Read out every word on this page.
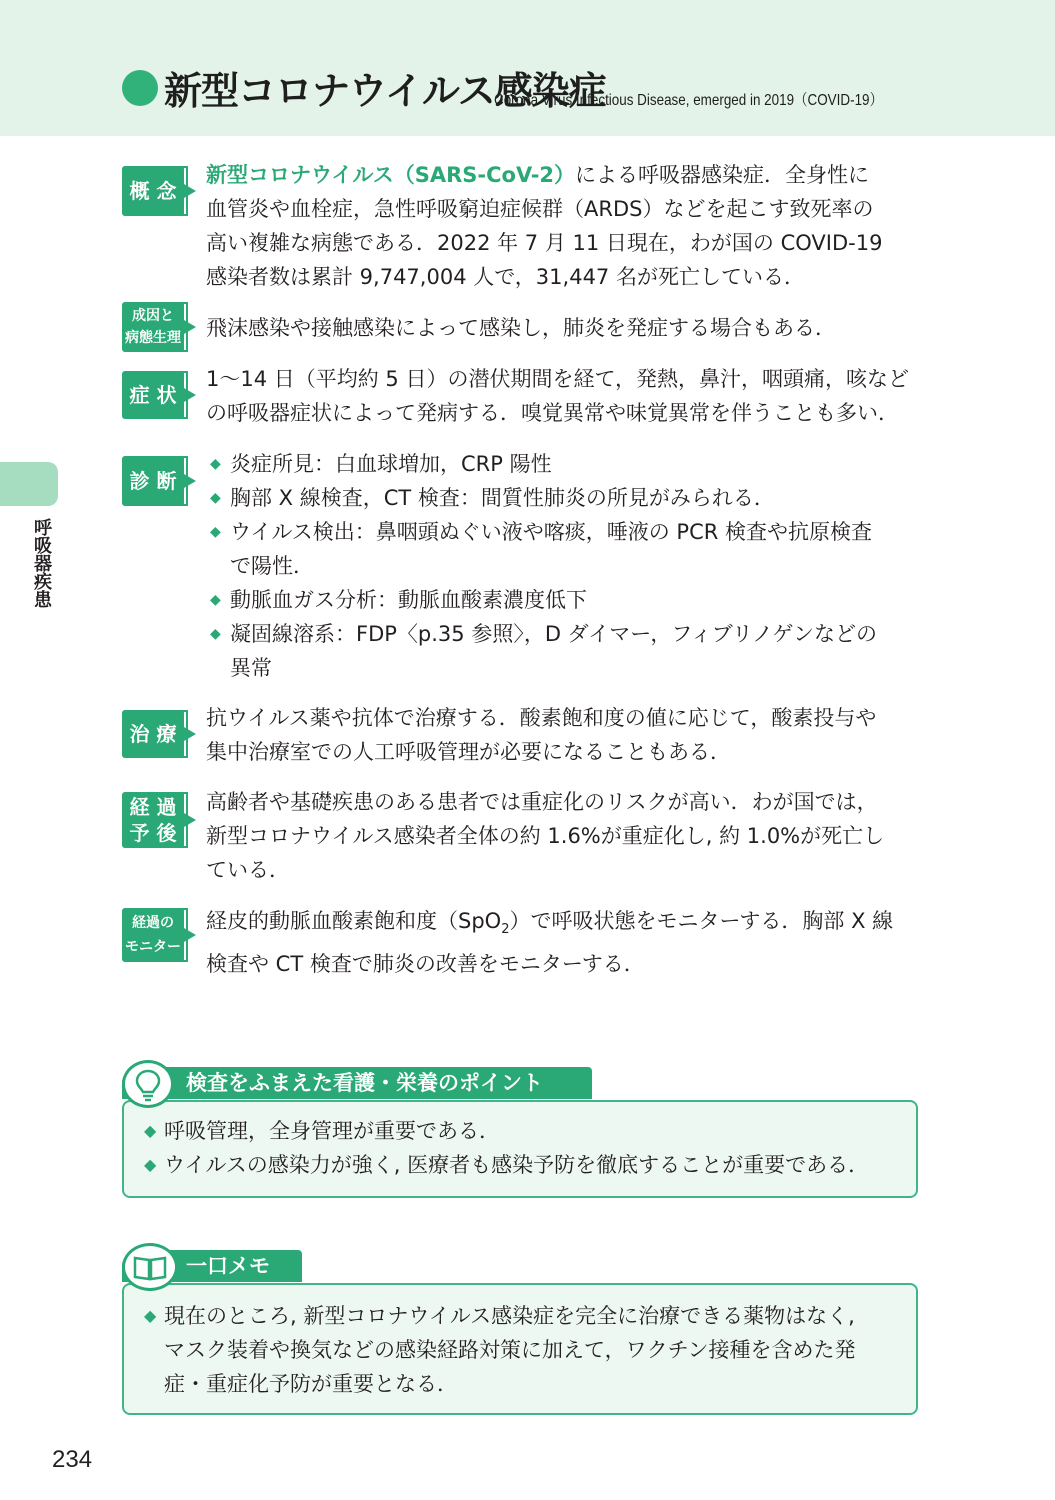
新型コロナウイルス感染症
Corona Virus Infectious Disease, emerged in 2019（COVID-19）
呼吸器疾患
概 念
新型コロナウイルス（SARS-CoV-2）による呼吸器感染症．全身性に
血管炎や血栓症，急性呼吸窮迫症候群（ARDS）などを起こす致死率の
高い複雑な病態である．2022 年 7 月 11 日現在，わが国の COVID-19
感染者数は累計 9,747,004 人で，31,447 名が死亡している．
成因と
病態生理 飛沫感染や接触感染によって感染し，肺炎を発症する場合もある．
症 状
1〜14 日（平均約 5 日）の潜伏期間を経て，発熱，鼻汁，咽頭痛，咳など
の呼吸器症状によって発病する．嗅覚異常や味覚異常を伴うことも多い．
診 断
◆ 炎症所見：白血球増加，CRP 陽性
◆ 胸部 X 線検査，CT 検査：間質性肺炎の所見がみられる．
◆ ウイルス検出：鼻咽頭ぬぐい液や喀痰，唾液の PCR 検査や抗原検査
で陽性．
◆ 動脈血ガス分析：動脈血酸素濃度低下
◆ 凝固線溶系：FDP〈p.35 参照〉，D ダイマー，フィブリノゲンなどの
異常
治 療
抗ウイルス薬や抗体で治療する．酸素飽和度の値に応じて，酸素投与や
集中治療室での人工呼吸管理が必要になることもある．
経 過
予 後
高齢者や基礎疾患のある患者では重症化のリスクが高い．わが国では，
新型コロナウイルス感染者全体の約 1.6%が重症化し, 約 1.0%が死亡し
ている．
経過の
モニター
経皮的動脈血酸素飽和度（SpO$_2$）で呼吸状態をモニターする．胸部 X 線
検査や CT 検査で肺炎の改善をモニターする．
◆ 呼吸管理，全身管理が重要である．
◆ ウイルスの感染力が強く, 医療者も感染予防を徹底することが重要である．
検査をふまえた看護・栄養のポイント
◆ 現在のところ, 新型コロナウイルス感染症を完全に治療できる薬物はなく,
マスク装着や換気などの感染経路対策に加えて，ワクチン接種を含めた発
症・重症化予防が重要となる．
一口メモ
234
